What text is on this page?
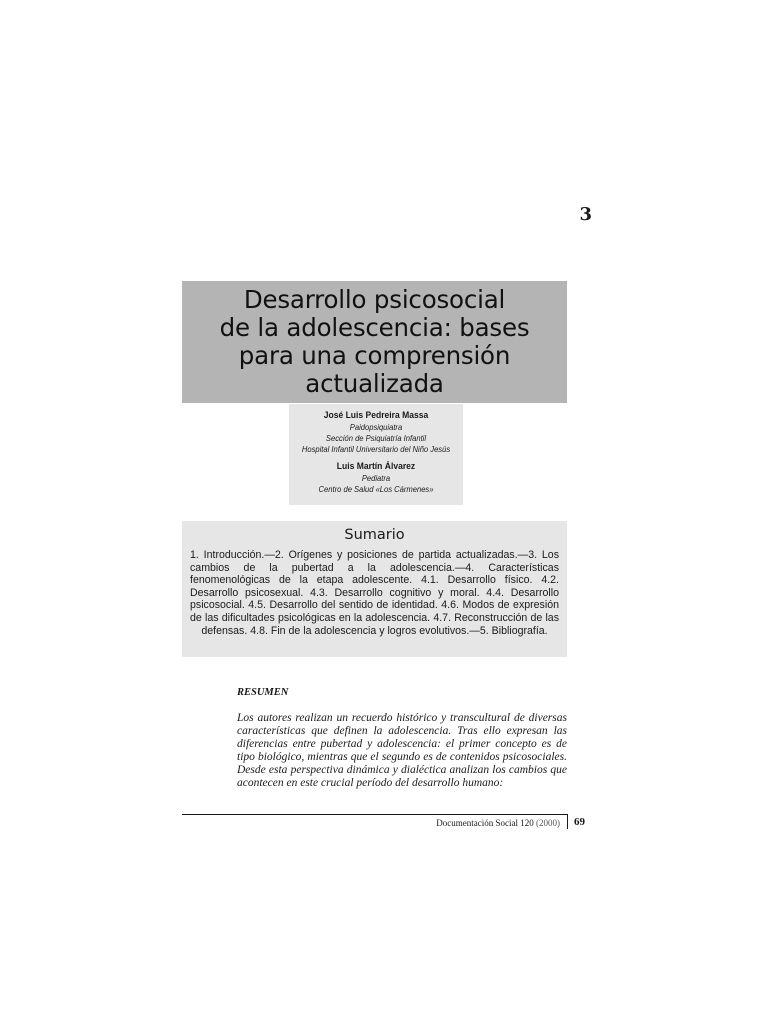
3
Desarrollo psicosocial
de la adolescencia: bases
para una comprensión
actualizada
José Luis Pedreira Massa
Paidopsiquiatra
Sección de Psiquiatría Infantil
Hospital Infantil Universitario del Niño Jesús
Luis Martín Álvarez
Pediatra
Centro de Salud «Los Cármenes»
Sumario
1. Introducción.—2. Orígenes y posiciones de partida actualizadas.—3. Los cambios de la pubertad a la adolescencia.—4. Características fenomenológicas de la etapa adolescente. 4.1. Desarrollo físico. 4.2. Desarrollo psicosexual. 4.3. Desarrollo cognitivo y moral. 4.4. Desarrollo psicosocial. 4.5. Desarrollo del sentido de identidad. 4.6. Modos de expresión de las dificultades psicológicas en la adolescencia. 4.7. Reconstrucción de las defensas. 4.8. Fin de la adolescencia y logros evolutivos.—5. Bibliografía.
RESUMEN
Los autores realizan un recuerdo histórico y transcultural de diversas características que definen la adolescencia. Tras ello expresan las diferencias entre pubertad y adolescencia: el primer concepto es de tipo biológico, mientras que el segundo es de contenidos psicosociales. Desde esta perspectiva dinámica y dialéctica analizan los cambios que acontecen en este crucial período del desarrollo humano:
Documentación Social 120 (2000) 69
